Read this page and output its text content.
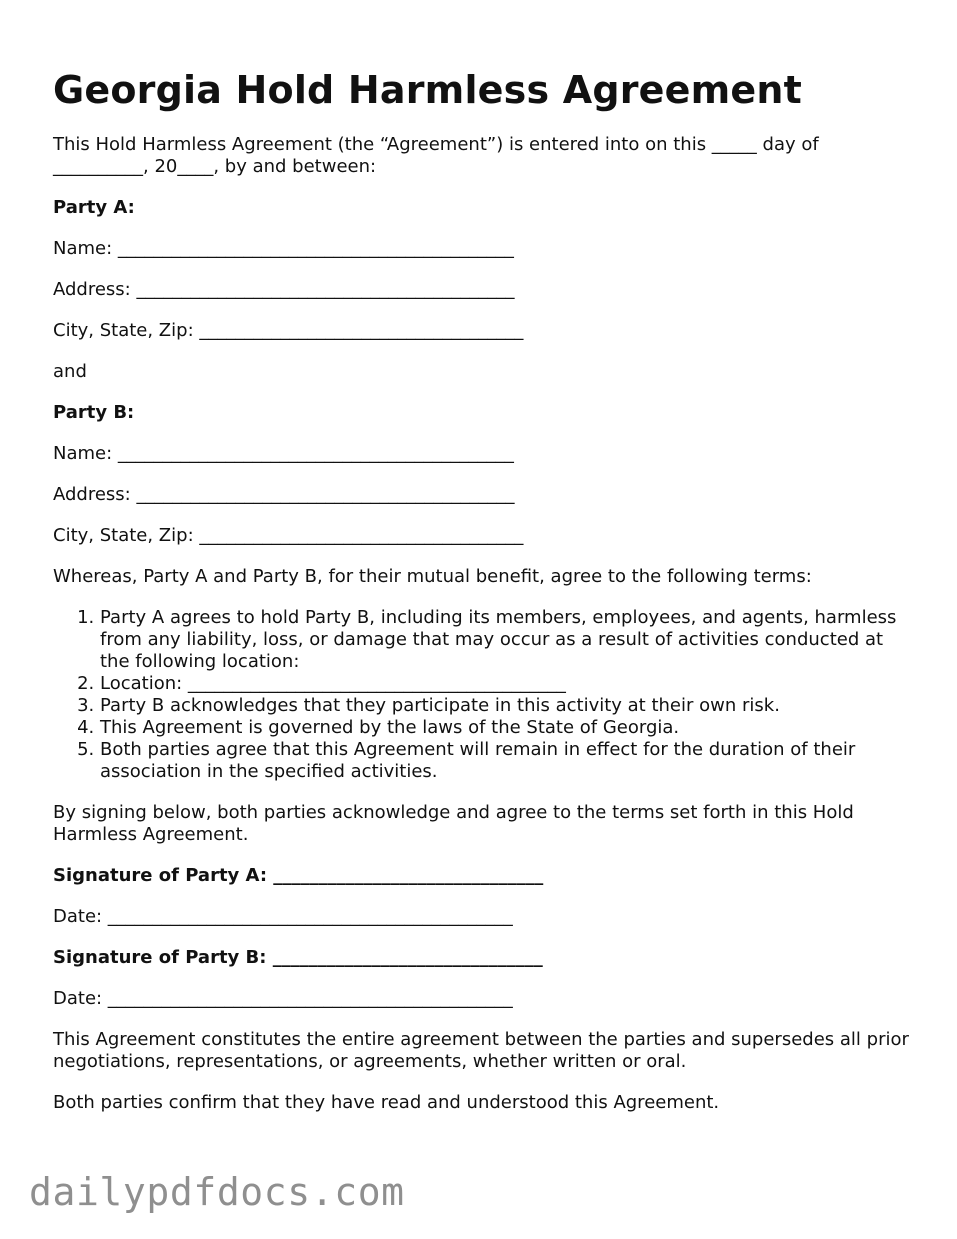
Georgia Hold Harmless Agreement

This Hold Harmless Agreement (the “Agreement”) is entered into on this _____ day of __________, 20____, by and between:

Party A:

Name: ____________________________________________

Address: __________________________________________

City, State, Zip: ____________________________________

and

Party B:

Name: ____________________________________________

Address: __________________________________________

City, State, Zip: ____________________________________

Whereas, Party A and Party B, for their mutual benefit, agree to the following terms:

1. Party A agrees to hold Party B, including its members, employees, and agents, harmless from any liability, loss, or damage that may occur as a result of activities conducted at the following location:
2. Location: __________________________________________
3. Party B acknowledges that they participate in this activity at their own risk.
4. This Agreement is governed by the laws of the State of Georgia.
5. Both parties agree that this Agreement will remain in effect for the duration of their association in the specified activities.

By signing below, both parties acknowledge and agree to the terms set forth in this Hold Harmless Agreement.

Signature of Party A: ______________________________

Date: _____________________________________________

Signature of Party B: ______________________________

Date: _____________________________________________

This Agreement constitutes the entire agreement between the parties and supersedes all prior negotiations, representations, or agreements, whether written or oral.

Both parties confirm that they have read and understood this Agreement.

dailypdfdocs.com
